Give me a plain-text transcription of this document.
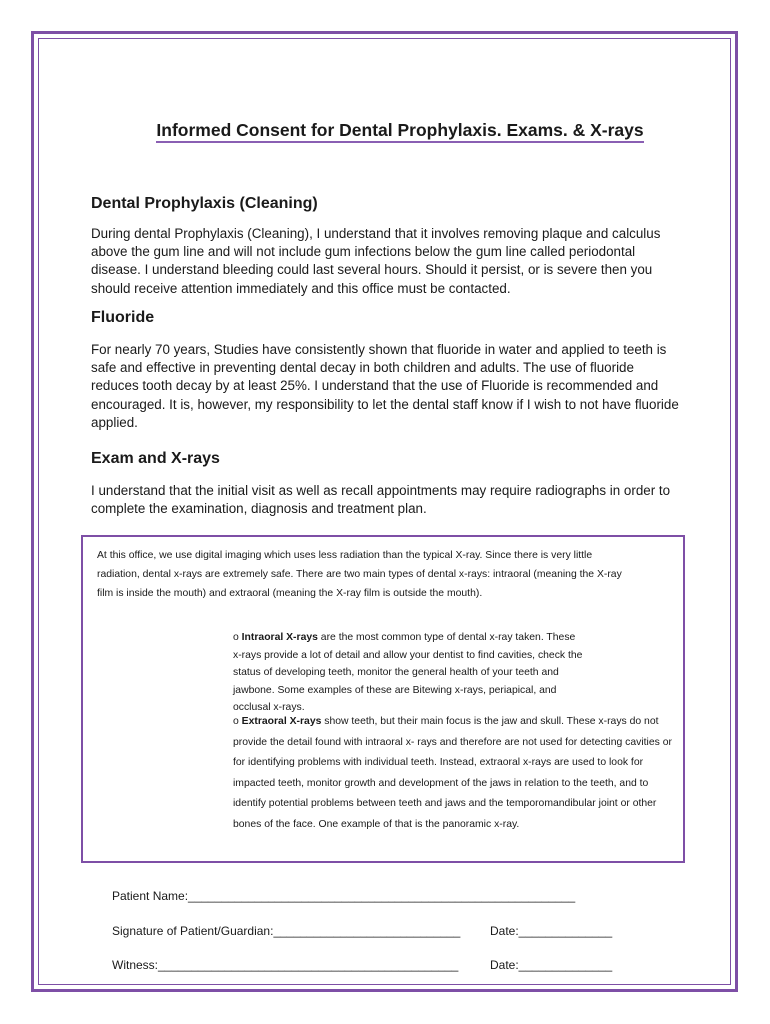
Informed Consent for Dental Prophylaxis. Exams. & X-rays
Dental Prophylaxis (Cleaning)
During dental Prophylaxis (Cleaning), I understand that it involves removing plaque and calculus above the gum line and will not include gum infections below the gum line called periodontal disease. I understand bleeding could last several hours. Should it persist, or is severe then you should receive attention immediately and this office must be contacted.
Fluoride
For nearly 70 years, Studies have consistently shown that fluoride in water and applied to teeth is safe and effective in preventing dental decay in both children and adults. The use of fluoride reduces tooth decay by at least 25%. I understand that the use of Fluoride is recommended and encouraged. It is, however, my responsibility to let the dental staff know if I wish to not have fluoride applied.
Exam and X-rays
I understand that the initial visit as well as recall appointments may require radiographs in order to complete the examination, diagnosis and treatment plan.
At this office, we use digital imaging which uses less radiation than the typical X-ray. Since there is very little radiation, dental x-rays are extremely safe. There are two main types of dental x-rays: intraoral (meaning the X-ray film is inside the mouth) and extraoral (meaning the X-ray film is outside the mouth).
o Intraoral X-rays are the most common type of dental x-ray taken. These x-rays provide a lot of detail and allow your dentist to find cavities, check the status of developing teeth, monitor the general health of your teeth and jawbone. Some examples of these are Bitewing x-rays, periapical, and occlusal x-rays.
o Extraoral X-rays show teeth, but their main focus is the jaw and skull. These x-rays do not provide the detail found with intraoral x- rays and therefore are not used for detecting cavities or for identifying problems with individual teeth. Instead, extraoral x-rays are used to look for impacted teeth, monitor growth and development of the jaws in relation to the teeth, and to identify potential problems between teeth and jaws and the temporomandibular joint or other bones of the face. One example of that is the panoramic x-ray.
Patient Name:__________________________________________________________
Signature of Patient/Guardian:____________________________ Date:______________
Witness:_____________________________________________	Date:______________
